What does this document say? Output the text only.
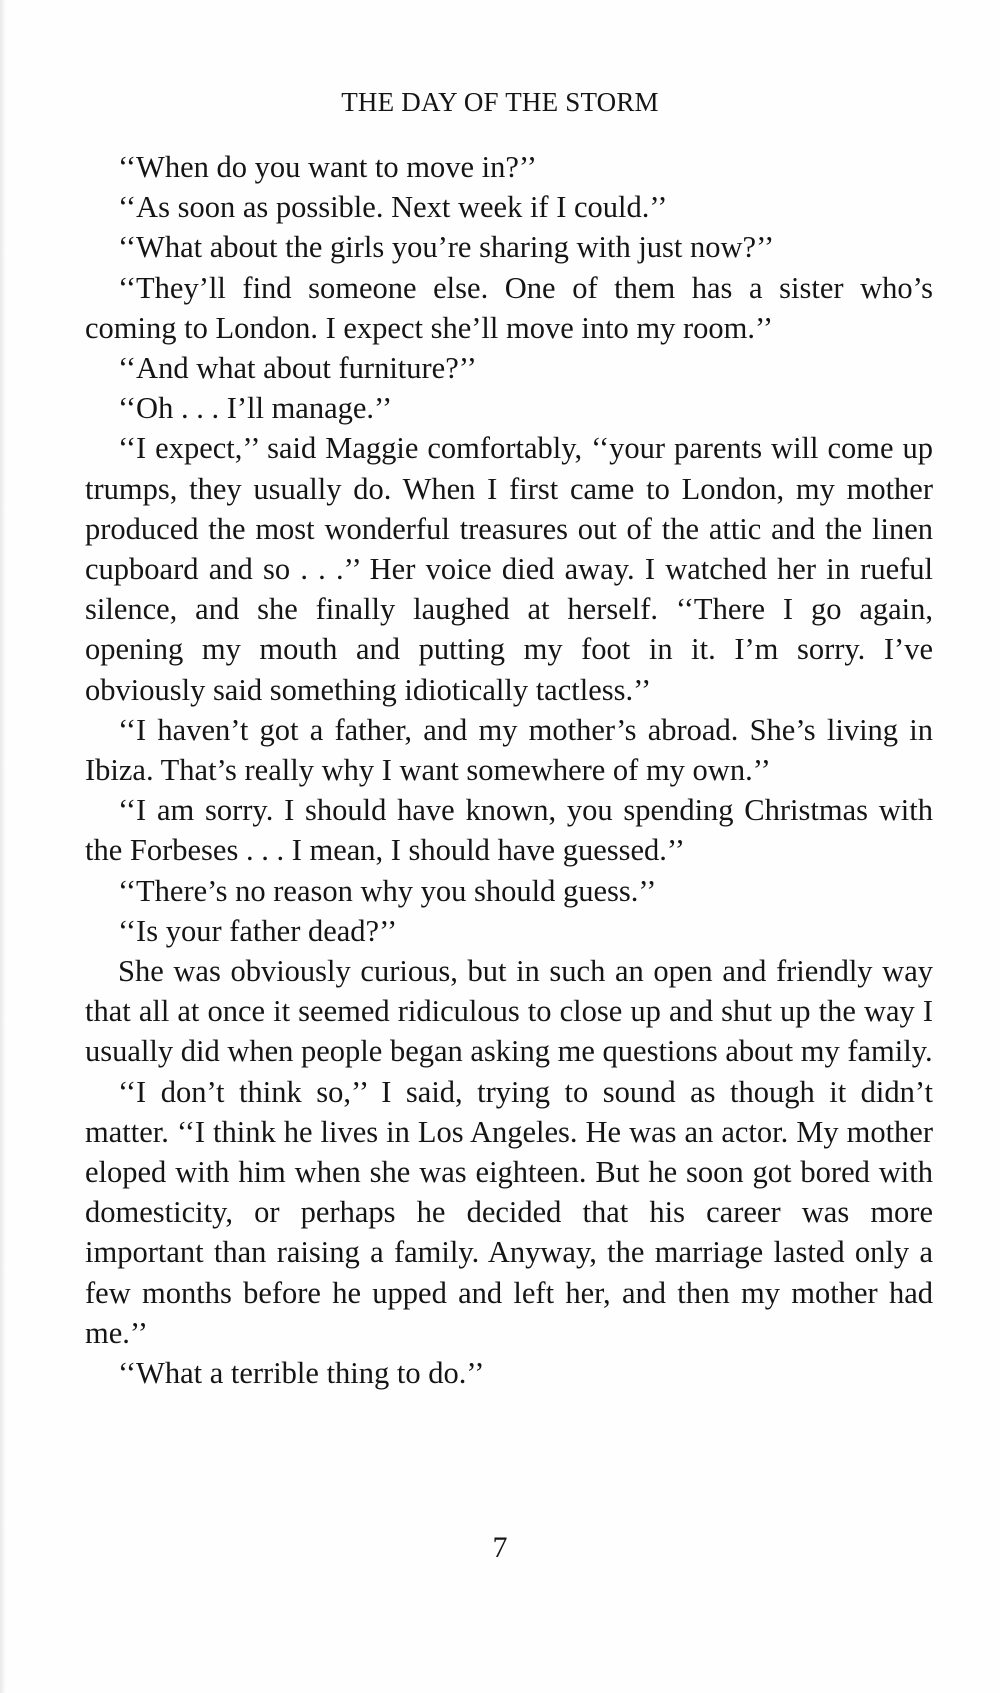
THE DAY OF THE STORM

‘‘When do you want to move in?’’

‘‘As soon as possible. Next week if I could.’’

‘‘What about the girls you’re sharing with just now?’’

‘‘They’ll find someone else. One of them has a sister who’s coming to London. I expect she’ll move into my room.’’

‘‘And what about furniture?’’

‘‘Oh . . . I’ll manage.’’

‘‘I expect,’’ said Maggie comfortably, ‘‘your parents will come up trumps, they usually do. When I first came to London, my mother produced the most wonderful treasures out of the attic and the linen cupboard and so . . .’’ Her voice died away. I watched her in rueful silence, and she finally laughed at herself. ‘‘There I go again, opening my mouth and putting my foot in it. I’m sorry. I’ve obviously said something idiotically tactless.’’

‘‘I haven’t got a father, and my mother’s abroad. She’s living in Ibiza. That’s really why I want somewhere of my own.’’

‘‘I am sorry. I should have known, you spending Christmas with the Forbeses . . . I mean, I should have guessed.’’

‘‘There’s no reason why you should guess.’’

‘‘Is your father dead?’’

She was obviously curious, but in such an open and friendly way that all at once it seemed ridiculous to close up and shut up the way I usually did when people began asking me questions about my family.

‘‘I don’t think so,’’ I said, trying to sound as though it didn’t matter. ‘‘I think he lives in Los Angeles. He was an actor. My mother eloped with him when she was eighteen. But he soon got bored with domesticity, or perhaps he decided that his career was more important than raising a family. Anyway, the marriage lasted only a few months before he upped and left her, and then my mother had me.’’

‘‘What a terrible thing to do.’’

7
